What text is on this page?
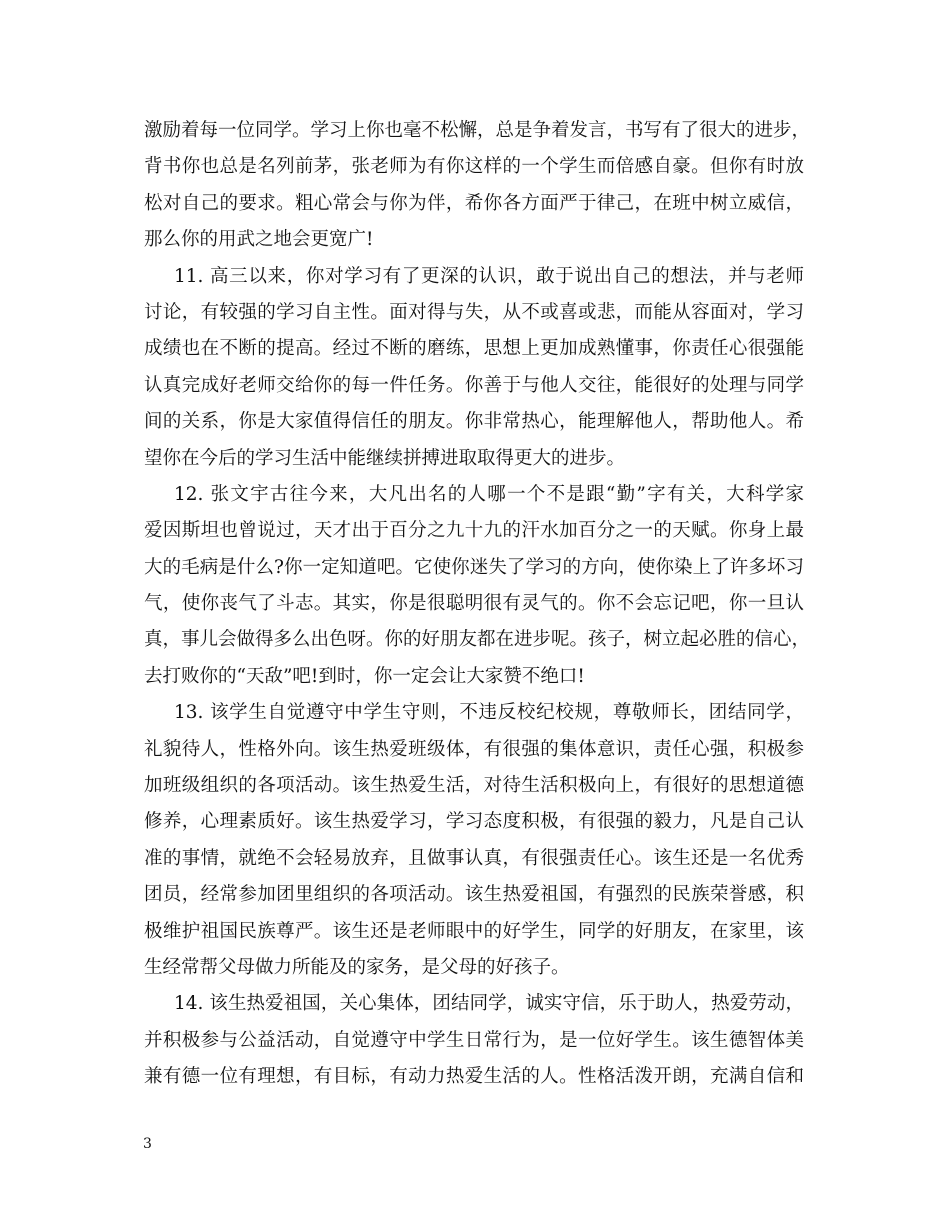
激励着每一位同学。学习上你也毫不松懈，总是争着发言，书写有了很大的进步，
背书你也总是名列前茅，张老师为有你这样的一个学生而倍感自豪。但你有时放
松对自己的要求。粗心常会与你为伴，希你各方面严于律己，在班中树立威信，
那么你的用武之地会更宽广!
11. 高三以来，你对学习有了更深的认识，敢于说出自己的想法，并与老师
讨论，有较强的学习自主性。面对得与失，从不或喜或悲，而能从容面对，学习
成绩也在不断的提高。经过不断的磨练，思想上更加成熟懂事，你责任心很强能
认真完成好老师交给你的每一件任务。你善于与他人交往，能很好的处理与同学
间的关系，你是大家值得信任的朋友。你非常热心，能理解他人，帮助他人。希
望你在今后的学习生活中能继续拼搏进取取得更大的进步。
12. 张文宇古往今来，大凡出名的人哪一个不是跟“勤”字有关，大科学家
爱因斯坦也曾说过，天才出于百分之九十九的汗水加百分之一的天赋。你身上最
大的毛病是什么?你一定知道吧。它使你迷失了学习的方向，使你染上了许多坏习
气，使你丧气了斗志。其实，你是很聪明很有灵气的。你不会忘记吧，你一旦认
真，事儿会做得多么出色呀。你的好朋友都在进步呢。孩子，树立起必胜的信心，
去打败你的“天敌”吧!到时，你一定会让大家赞不绝口!
13. 该学生自觉遵守中学生守则，不违反校纪校规，尊敬师长，团结同学，
礼貌待人，性格外向。该生热爱班级体，有很强的集体意识，责任心强，积极参
加班级组织的各项活动。该生热爱生活，对待生活积极向上，有很好的思想道德
修养，心理素质好。该生热爱学习，学习态度积极，有很强的毅力，凡是自己认
准的事情，就绝不会轻易放弃，且做事认真，有很强责任心。该生还是一名优秀
团员，经常参加团里组织的各项活动。该生热爱祖国，有强烈的民族荣誉感，积
极维护祖国民族尊严。该生还是老师眼中的好学生，同学的好朋友，在家里，该
生经常帮父母做力所能及的家务，是父母的好孩子。
14. 该生热爱祖国，关心集体，团结同学，诚实守信，乐于助人，热爱劳动，
并积极参与公益活动，自觉遵守中学生日常行为，是一位好学生。该生德智体美
兼有德一位有理想，有目标，有动力热爱生活的人。性格活泼开朗，充满自信和
3
